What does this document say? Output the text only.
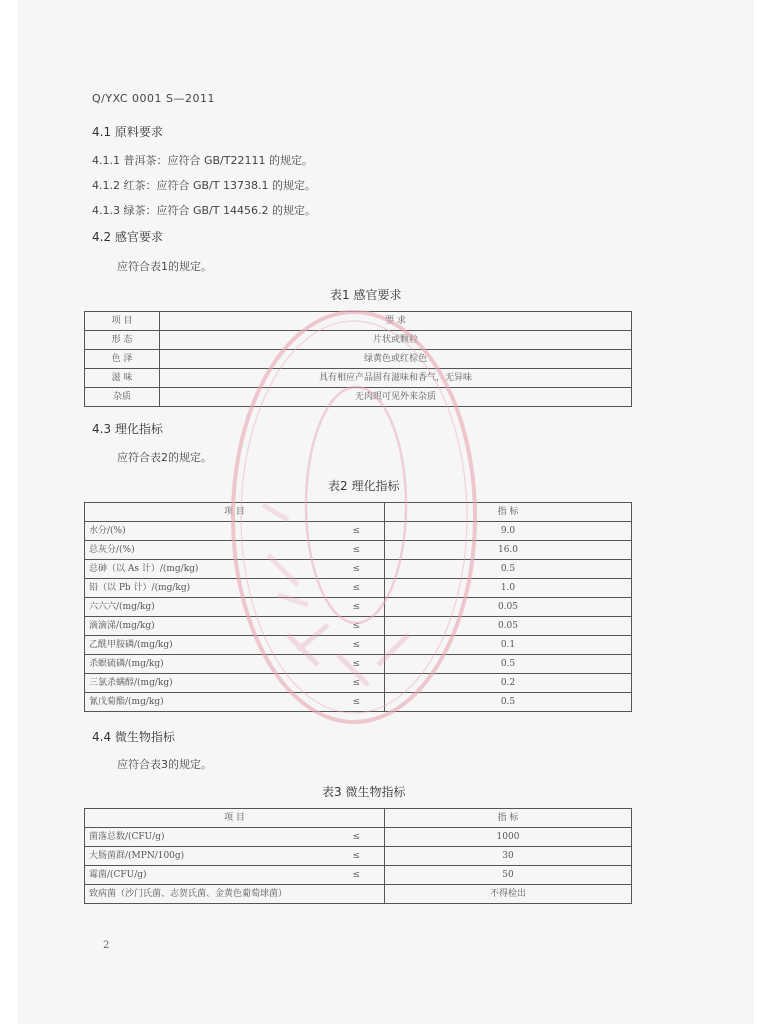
Q/YXC 0001 S—2011
4.1 原料要求
4.1.1 普洱茶：应符合 GB/T22111 的规定。
4.1.2 红茶：应符合 GB/T 13738.1 的规定。
4.1.3 绿茶：应符合 GB/T 14456.2 的规定。
4.2 感官要求
应符合表1的规定。
表1 感官要求
项 目	要 求
形 态	片状或颗粒
色 泽	绿黄色或红棕色
滋 味	具有相应产品固有滋味和香气，无异味
杂质	无肉眼可见外来杂质
4.3 理化指标
应符合表2的规定。
表2 理化指标
项 目	指 标
水分/(%) ≤	9.0
总灰分/(%) ≤	16.0
总砷（以 As 计）/(mg/kg) ≤	0.5
铅（以 Pb 计）/(mg/kg) ≤	1.0
六六六/(mg/kg) ≤	0.05
滴滴涕/(mg/kg) ≤	0.05
乙酰甲胺磷/(mg/kg) ≤	0.1
杀螟硫磷/(mg/kg) ≤	0.5
三氯杀螨醇/(mg/kg) ≤	0.2
氰戊菊酯/(mg/kg) ≤	0.5
4.4 微生物指标
应符合表3的规定。
表3 微生物指标
项 目	指 标
菌落总数/(CFU/g) ≤	1000
大肠菌群/(MPN/100g) ≤	30
霉菌/(CFU/g) ≤	50
致病菌（沙门氏菌、志贺氏菌、金黄色葡萄球菌）	不得检出
2
